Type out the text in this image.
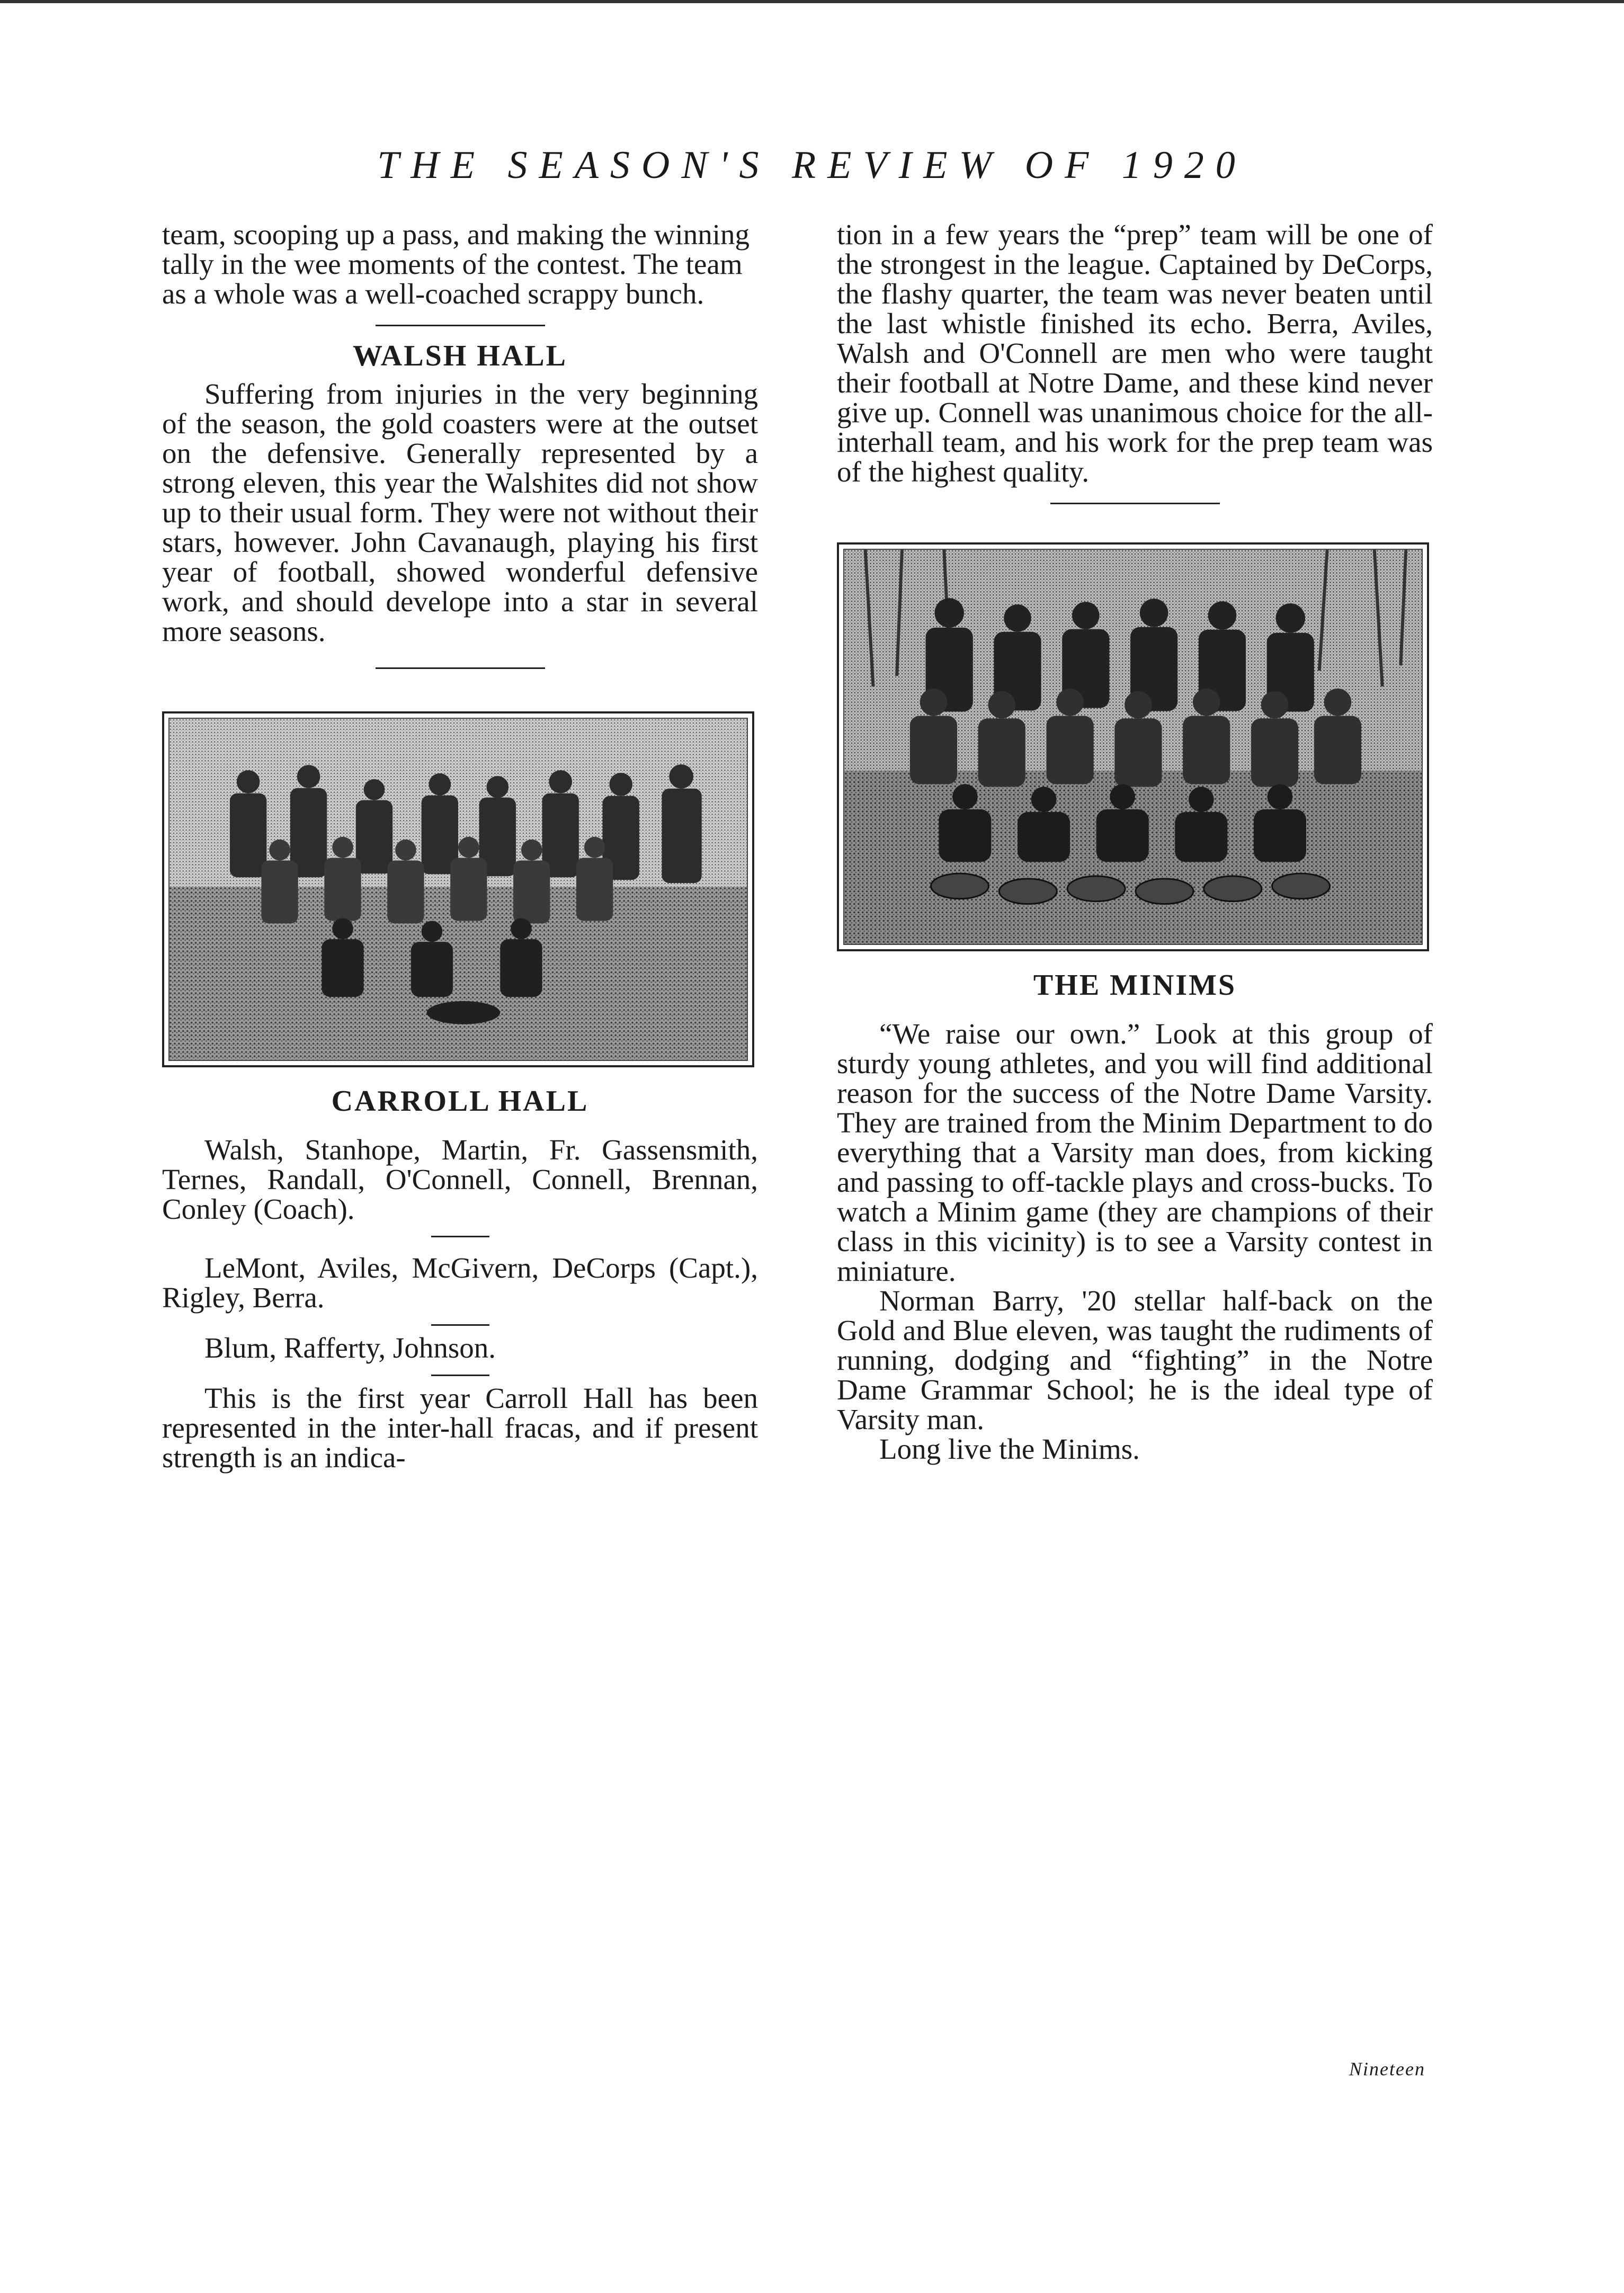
THE SEASON'S REVIEW OF 1920

team, scooping up a pass, and making the winning tally in the wee moments of the contest. The team as a whole was a well-coached scrappy bunch.

WALSH HALL

Suffering from injuries in the very beginning of the season, the gold coasters were at the outset on the defensive. Generally represented by a strong eleven, this year the Walshites did not show up to their usual form. They were not without their stars, however. John Cavanaugh, playing his first year of football, showed wonderful defensive work, and should develope into a star in several more seasons.

CARROLL HALL

Walsh, Stanhope, Martin, Fr. Gassensmith, Ternes, Randall, O'Connell, Connell, Brennan, Conley (Coach).

LeMont, Aviles, McGivern, DeCorps (Capt.), Rigley, Berra.

Blum, Rafferty, Johnson.

This is the first year Carroll Hall has been represented in the inter-hall fracas, and if present strength is an indica-

tion in a few years the “prep” team will be one of the strongest in the league. Captained by DeCorps, the flashy quarter, the team was never beaten until the last whistle finished its echo. Berra, Aviles, Walsh and O'Connell are men who were taught their football at Notre Dame, and these kind never give up. Connell was unanimous choice for the all-interhall team, and his work for the prep team was of the highest quality.

THE MINIMS

“We raise our own.” Look at this group of sturdy young athletes, and you will find additional reason for the success of the Notre Dame Varsity. They are trained from the Minim Department to do everything that a Varsity man does, from kicking and passing to off-tackle plays and cross-bucks. To watch a Minim game (they are champions of their class in this vicinity) is to see a Varsity contest in miniature.

Norman Barry, '20 stellar half-back on the Gold and Blue eleven, was taught the rudiments of running, dodging and “fighting” in the Notre Dame Grammar School; he is the ideal type of Varsity man.

Long live the Minims.

Nineteen
